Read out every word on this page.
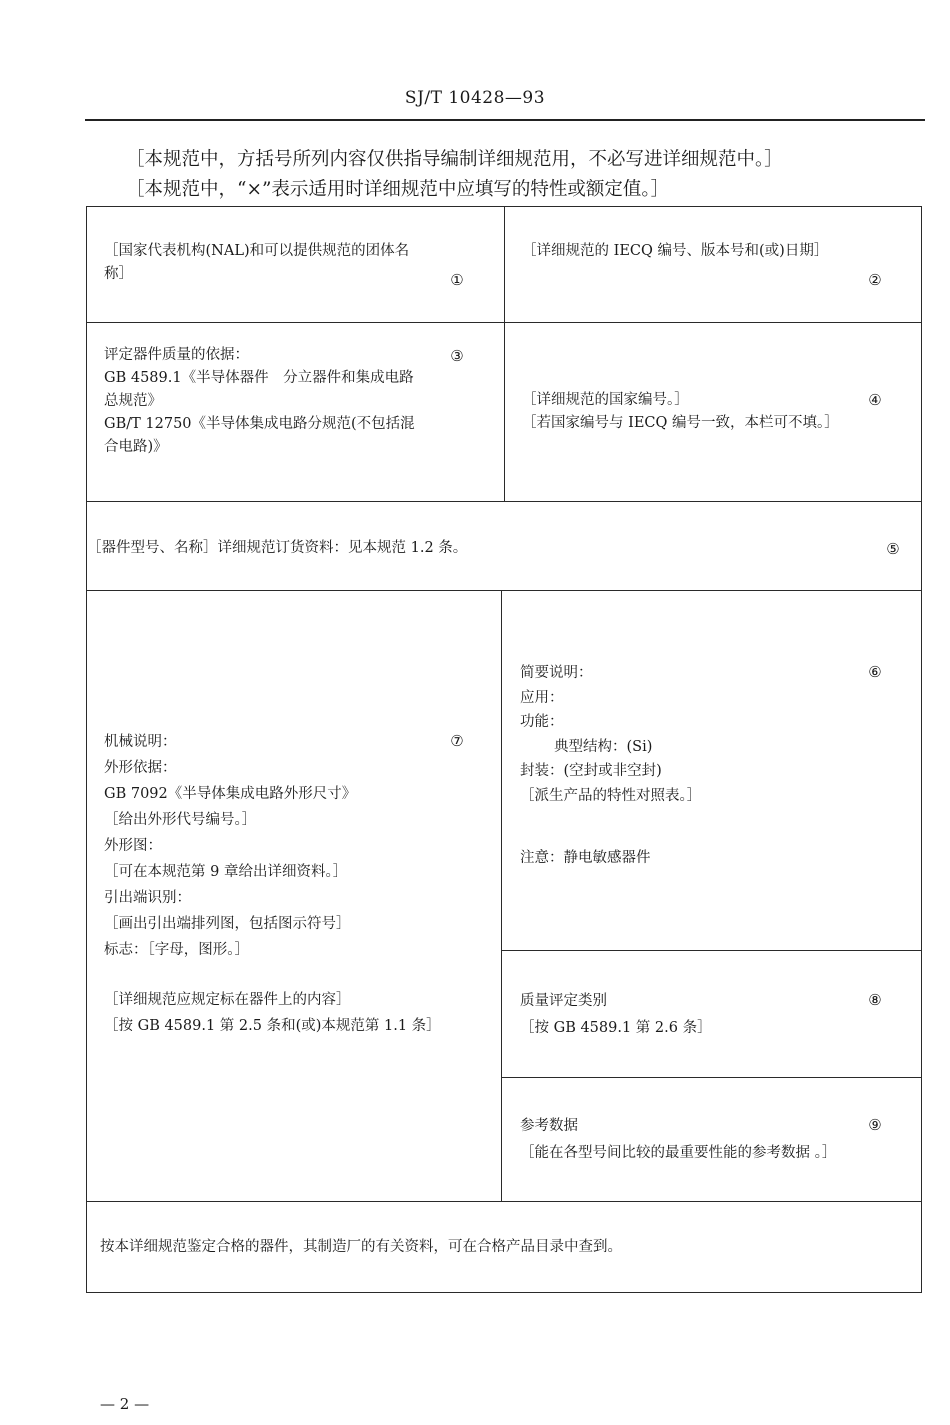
SJ/T 10428—93
［本规范中，方括号所列内容仅供指导编制详细规范用，不必写进详细规范中。］
［本规范中，“×”表示适用时详细规范中应填写的特性或额定值。］
［国家代表机构(NAL)和可以提供规范的团体名
称］	①
［详细规范的 IECQ 编号、版本号和(或)日期］
②
评定器件质量的依据：
GB 4589.1《半导体器件　分立器件和集成电路
总规范》
GB/T 12750《半导体集成电路分规范(不包括混
合电路)》
③
［详细规范的国家编号。］
［若国家编号与 IECQ 编号一致，本栏可不填。］
④
［器件型号、名称］详细规范订货资料：见本规范 1.2 条。	⑤
简要说明：
应用：
功能：
典型结构：(Si)
封装：(空封或非空封)
［派生产品的特性对照表。］
注意：静电敏感器件
⑥
机械说明：
外形依据：
GB 7092《半导体集成电路外形尺寸》
［给出外形代号编号。］
外形图：
［可在本规范第 9 章给出详细资料。］
引出端识别：
［画出引出端排列图，包括图示符号］
标志：［字母，图形。］
［详细规范应规定标在器件上的内容］
［按 GB 4589.1 第 2.5 条和(或)本规范第 1.1 条］
⑦
质量评定类别
［按 GB 4589.1 第 2.6 条］
⑧
参考数据
［能在各型号间比较的最重要性能的参考数据 。］
⑨
按本详细规范鉴定合格的器件，其制造厂的有关资料，可在合格产品目录中查到。
— 2 —
